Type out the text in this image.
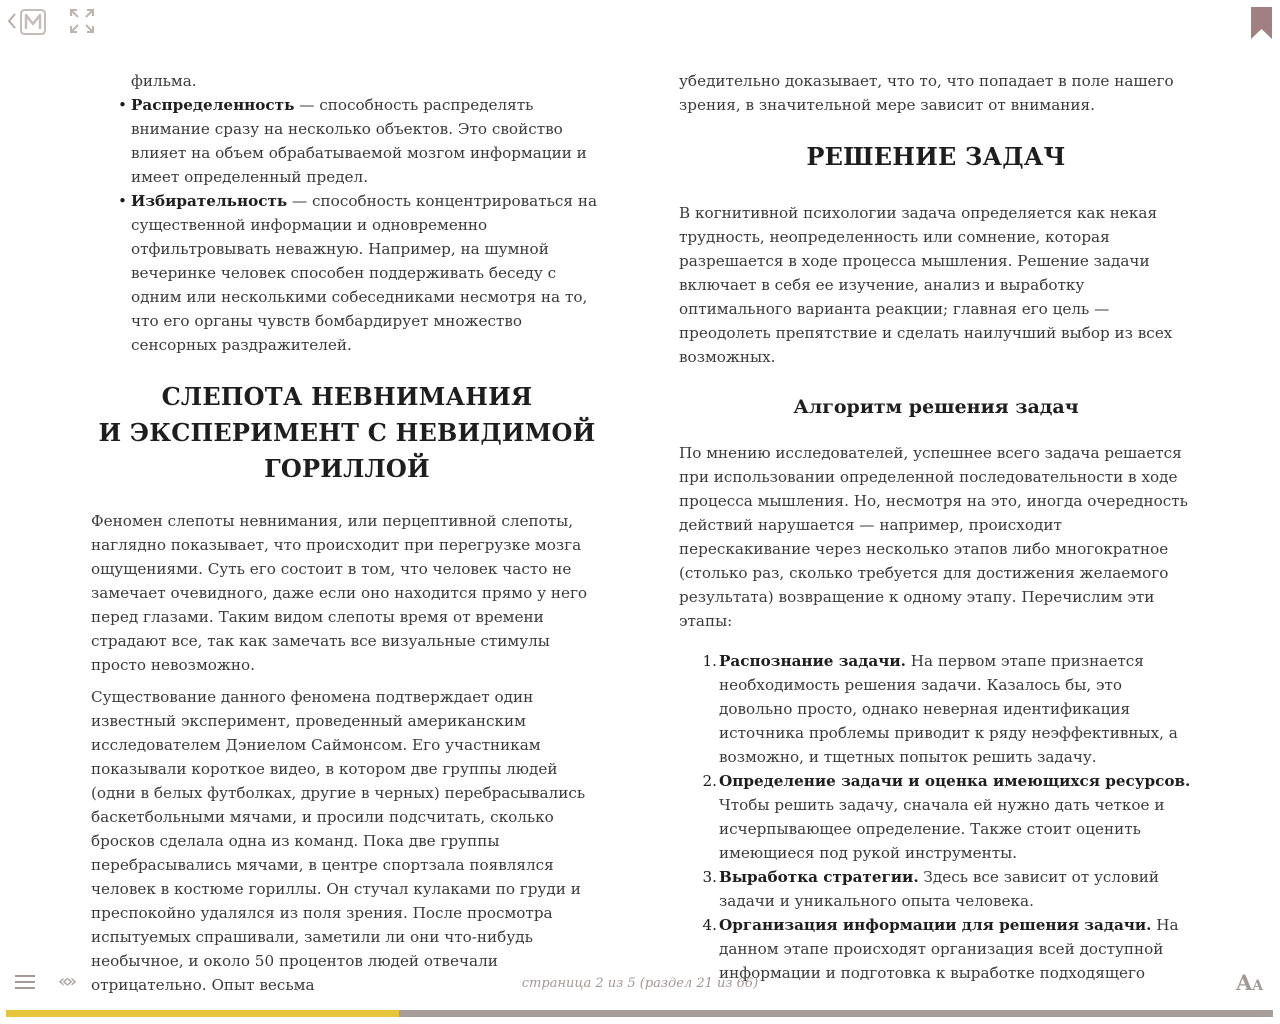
фильма.
• Распределенность — способность распределять внимание сразу на несколько объектов. Это свойство влияет на объем обрабатываемой мозгом информации и имеет определенный предел.
• Избирательность — способность концентрироваться на существенной информации и одновременно отфильтровывать неважную. Например, на шумной вечеринке человек способен поддерживать беседу с одним или несколькими собеседниками несмотря на то, что его органы чувств бомбардирует множество сенсорных раздражителей.
СЛЕПОТА НЕВНИМАНИЯ
И ЭКСПЕРИМЕНТ С НЕВИДИМОЙ
ГОРИЛЛОЙ

Феномен слепоты невнимания, или перцептивной слепоты, наглядно показывает, что происходит при перегрузке мозга ощущениями. Суть его состоит в том, что человек часто не замечает очевидного, даже если оно находится прямо у него перед глазами. Таким видом слепоты время от времени страдают все, так как замечать все визуальные стимулы просто невозможно.

Существование данного феномена подтверждает один известный эксперимент, проведенный американским исследователем Дэниелом Саймонсом. Его участникам показывали короткое видео, в котором две группы людей (одни в белых футболках, другие в черных) перебрасывались баскетбольными мячами, и просили подсчитать, сколько бросков сделала одна из команд. Пока две группы перебрасывались мячами, в центре спортзала появлялся человек в костюме гориллы. Он стучал кулаками по груди и преспокойно удалялся из поля зрения. После просмотра испытуемых спрашивали, заметили ли они что-нибудь необычное, и около 50 процентов людей отвечали отрицательно. Опыт весьма

убедительно доказывает, что то, что попадает в поле нашего зрения, в значительной мере зависит от внимания.

РЕШЕНИЕ ЗАДАЧ

В когнитивной психологии задача определяется как некая трудность, неопределенность или сомнение, которая разрешается в ходе процесса мышления. Решение задачи включает в себя ее изучение, анализ и выработку оптимального варианта реакции; главная его цель — преодолеть препятствие и сделать наилучший выбор из всех возможных.

Алгоритм решения задач

По мнению исследователей, успешнее всего задача решается при использовании определенной последовательности в ходе процесса мышления. Но, несмотря на это, иногда очередность действий нарушается — например, происходит перескакивание через несколько этапов либо многократное (столько раз, сколько требуется для достижения желаемого результата) возвращение к одному этапу. Перечислим эти этапы:

1. Распознание задачи. На первом этапе признается необходимость решения задачи. Казалось бы, это довольно просто, однако неверная идентификация источника проблемы приводит к ряду неэффективных, а возможно, и тщетных попыток решить задачу.
2. Определение задачи и оценка имеющихся ресурсов. Чтобы решить задачу, сначала ей нужно дать четкое и исчерпывающее определение. Также стоит оценить имеющиеся под рукой инструменты.
3. Выработка стратегии. Здесь все зависит от условий задачи и уникального опыта человека.
4. Организация информации для решения задачи. На данном этапе происходят организация всей доступной информации и подготовка к выработке подходящего
«»	страница 2 из 5 (раздел 21 из 66)	AA
